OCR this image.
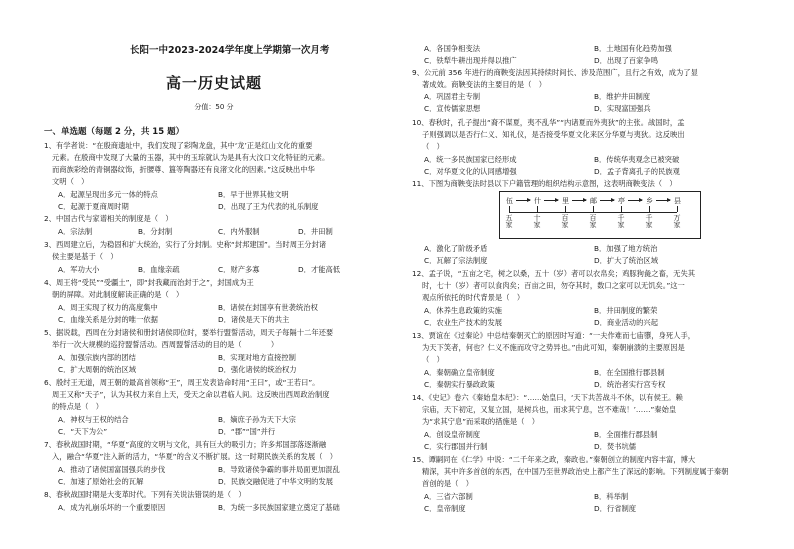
长阳一中2023-2024学年度上学期第一次月考
高一历史试题
分值：50 分
一、单选题（每题 2 分，共 15 题）
1、有学者说：“在殷商遗址中，我们发现了彩陶龙盘，其中‘龙’正是红山文化的重要
元素。在殷商中发现了大量的玉器，其中的玉琮就认为是具有大汶口文化特征的元素。
而商族彩绘的青铜器纹饰，折腰尊、簋等陶器还有良渚文化的因素。”这反映出中华
文明（　）
A．起源呈现出多元一体的特点	B．早于世界其他文明
C．起源于夏商周时期	D．出现了王为代表的礼乐制度
2、中国古代与家谱相关的制度是（　）
A．宗法制	B．分封制	C．内外服制	D．井田制
3、西周建立后，为稳固和扩大统治，实行了分封制。史称“封邦建国”。当时周王分封诸
侯主要是基于（　）
A．军功大小	B．血缘亲疏	C．财产多寡	D．才能高低
4、周王将“受民”“受疆土”，即“封我藏而治封于之”，封国成为王
朝的屏障。对此制度解读正确的是（　）
A．周王实现了权力的高度集中	B．诸侯在封国享有世袭统治权
C．血缘关系是分封的唯一依据	D．诸侯是天下的共主
5、据说载，西周在分封诸侯和册封诸侯即位时，要举行盟誓活动，周天子每隔十二年还要
举行一次大规模的巡狩盟誓活动。西周盟誓活动的目的是（　　　　）
A．加强宗族内部的团结	B．实现对地方直接控制
C．扩大周朝的统治区域	D．强化诸侯的统治权力
6、殷纣王无道，周王朝的最高首领称“王”，周王发表诰命时用“王曰”，或“王若曰”。
周王又称“天子”，认为其权力来自上天，受天之命以君临人间。这反映出西周政治制度
的特点是（　）
A．神权与王权的结合	B．嫡庶子孙为天下大宗
C．“天下为公”	D．“郡”“国”并行
7、春秋战国时期，“华夏”高度的文明与文化，具有巨大的吸引力；许多邦国部落逐渐融
入，融合“华夏”注入新的活力，“华夏”的含义不断扩展。这一时期民族关系的发展（　）
A．推动了诸侯国富国强兵的步伐	B．导致诸侯争霸的事并局面更加混乱
C．加速了原始社会的瓦解	D．民族交融促进了中华文明的发展
8、春秋战国时期是大变革时代。下列有关说法错误的是（　）
A．成为礼崩乐坏的一个重要原因	B．为统一多民族国家建立奠定了基础
A．各国争相变法	B．土地国有化趋势加强
C．铁犁牛耕出现并得以推广	D．出现了百家争鸣
9、公元前 356 年进行的商鞅变法因其持续时间长、涉及范围广，且行之有效，成为了显
著成效。商鞅变法的主要目的是（　）
A．巩固君主专制	B．维护井田制度
C．宣传儒家思想	D．实现富国强兵
10、春秋时，孔子提出“裔不谋夏，夷不乱华”“内诸夏而外夷狄”的主张。战国时，孟
子则强调以是否行仁义、知礼仪，是否接受华夏文化来区分华夏与夷狄。这反映出
（　）
A．统一多民族国家已经形成	B．传统华夷观念已被突破
C．对华夏文化的认同感增强	D．孟子背离孔子的民族观
11、下图为商鞅变法时县以下户籍管理的组织结构示意图，这表明商鞅变法（　）
伍	什	里	邮	亭	乡	县
五家	十家	百家	百家	千家	千家	万家
A．激化了阶级矛盾	B．加强了地方统治
C．瓦解了宗法制度	D．扩大了统治区域
12、孟子说，“五亩之宅，树之以桑，五十（岁）者可以衣帛矣；鸡豚狗彘之畜，无失其
时，七十（岁）者可以食肉矣；百亩之田，勿夺其时，数口之家可以无饥矣。”这一
观点所依托的时代背景是（　）
A．休养生息政策的实施	B．井田制度的繁荣
C．农业生产技术的发展	D．商业活动的兴起
13、贾谊在《过秦论》中总结秦朝灭亡的原因时写道：“一夫作难而七庙隳，身死人手，
为天下笑者，何也？仁义不施而攻守之势异也。”由此可知，秦朝崩溃的主要原因是
（　）
A．秦朝确立皇帝制度	B．在全国推行郡县制
C．秦朝实行暴政政策	D．统治者实行宫专权
14、《史记》卷六《秦始皇本纪》：“……始皇曰，‘天下共苦战斗不休，以有侯王。赖
宗庙，天下初定，又复立国，是树兵也，而求其宁息，岂不难哉！’……”秦始皇
为“求其宁息”而采取的措施是（　）
A．创设皇帝制度	B．全面推行郡县制
C．实行郡国并行制	D．焚书坑儒
15、谭嗣同在《仁学》中说：“二千年来之政，秦政也。”秦朝创立的制度内容丰富，博大
精深，其中许多首创的东西，在中国乃至世界政治史上都产生了深远的影响。下列制度属于秦朝
首创的是（　）
A．三省六部制	B．科举制
C．皇帝制度	D．行省制度
